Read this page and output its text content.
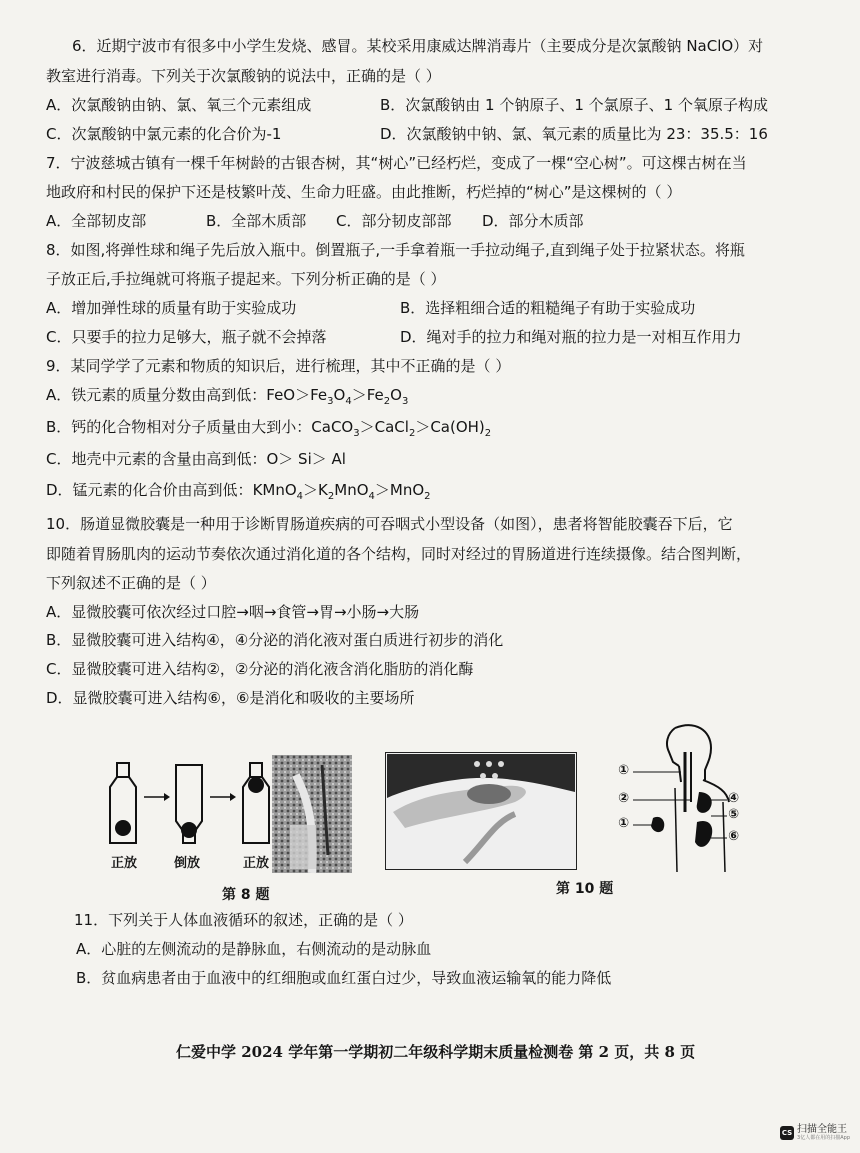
6．近期宁波市有很多中小学生发烧、感冒。某校采用康威达牌消毒片（主要成分是次氯酸钠 NaClO）对
教室进行消毒。下列关于次氯酸钠的说法中，正确的是（ ）
A．次氯酸钠由钠、氯、氧三个元素组成	B．次氯酸钠由 1 个钠原子、1 个氯原子、1 个氧原子构成
C．次氯酸钠中氯元素的化合价为-1	D．次氯酸钠中钠、氯、氧元素的质量比为 23：35.5：16
7．宁波慈城古镇有一棵千年树龄的古银杏树，其“树心”已经朽烂，变成了一棵“空心树”。可这棵古树在当
地政府和村民的保护下还是枝繁叶茂、生命力旺盛。由此推断，朽烂掉的“树心”是这棵树的（ ）
A．全部韧皮部	B．全部木质部 C．部分韧皮部部 D．部分木质部
8．如图,将弹性球和绳子先后放入瓶中。倒置瓶子,一手拿着瓶一手拉动绳子,直到绳子处于拉紧状态。将瓶
子放正后,手拉绳就可将瓶子提起来。下列分析正确的是（ ）
A．增加弹性球的质量有助于实验成功	B．选择粗细合适的粗糙绳子有助于实验成功
C．只要手的拉力足够大，瓶子就不会掉落	D．绳对手的拉力和绳对瓶的拉力是一对相互作用力
9．某同学学了元素和物质的知识后，进行梳理，其中不正确的是（ ）
A．铁元素的质量分数由高到低：$FeO>Fe_3O_4>Fe_2O_3$
B．钙的化合物相对分子质量由大到小：$CaCO_3>CaCl_2>Ca(OH)_2$
C．地壳中元素的含量由高到低：O＞ Si＞ Al
D．锰元素的化合价由高到低：$KMnO_4>K_2MnO_4>MnO_2$
10．肠道显微胶囊是一种用于诊断胃肠道疾病的可吞咽式小型设备（如图），患者将智能胶囊吞下后，它
即随着胃肠肌肉的运动节奏依次通过消化道的各个结构，同时对经过的胃肠道进行连续摄像。结合图判断，
下列叙述不正确的是（ ）
A．显微胶囊可依次经过口腔→咽→食管→胃→小肠→大肠
B．显微胶囊可进入结构④，④分泌的消化液对蛋白质进行初步的消化
C．显微胶囊可进入结构②，②分泌的消化液含消化脂肪的消化酶
D．显微胶囊可进入结构⑥，⑥是消化和吸收的主要场所
正放	倒放	正放
第 8 题
①
②
①
④
⑤
⑥
第 10 题
11．下列关于人体血液循环的叙述，正确的是（ ）
A．心脏的左侧流动的是静脉血，右侧流动的是动脉血
B．贫血病患者由于血液中的红细胞或血红蛋白过少，导致血液运输氧的能力降低
仁爱中学 2024 学年第一学期初二年级科学期末质量检测卷 第 2 页，共 8 页
CS 扫描全能王
3亿人都在用的扫描App
